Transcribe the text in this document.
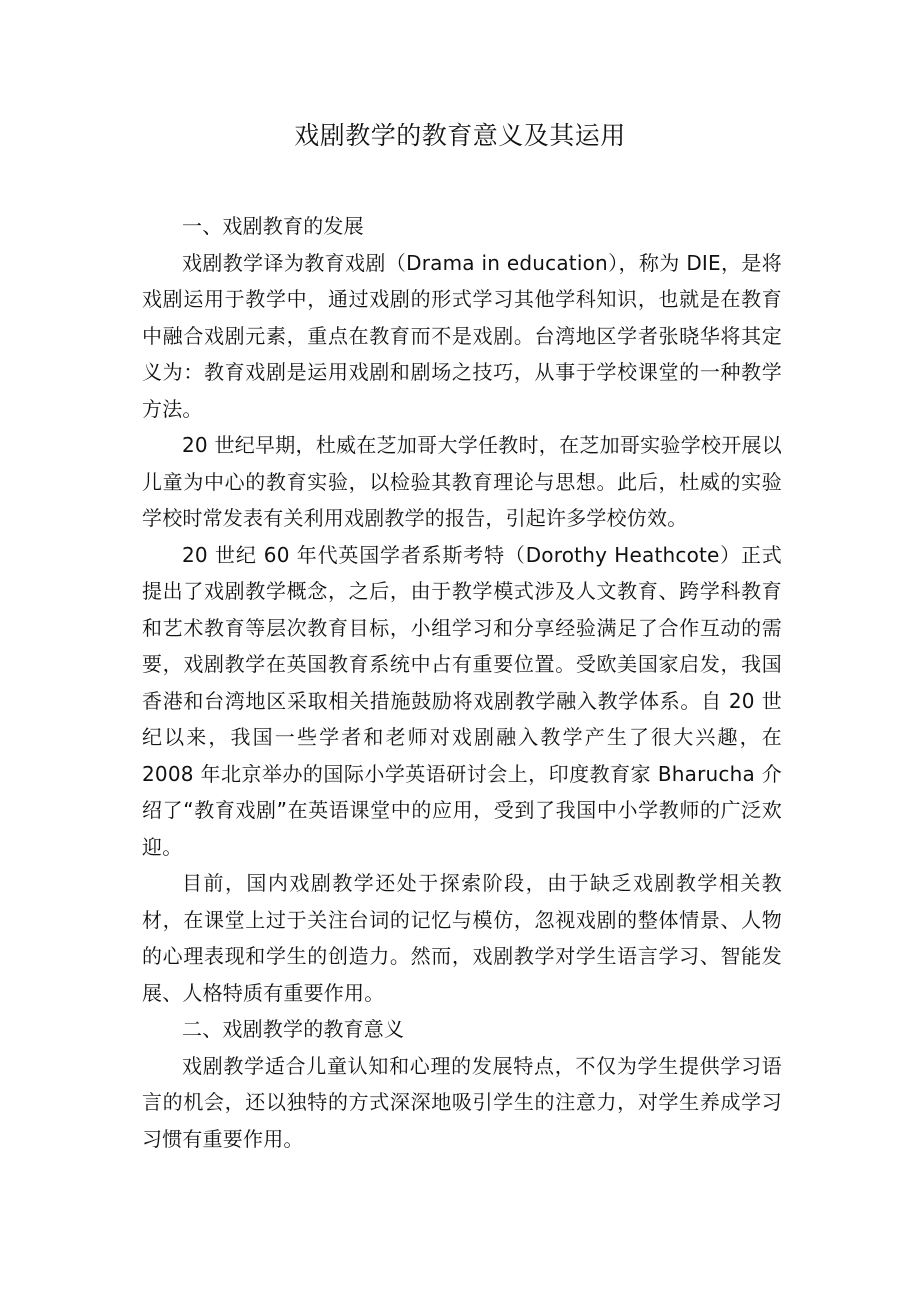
戏剧教学的教育意义及其运用

一、戏剧教育的发展

戏剧教学译为教育戏剧（Drama in education），称为 DIE，是将戏剧运用于教学中，通过戏剧的形式学习其他学科知识，也就是在教育中融合戏剧元素，重点在教育而不是戏剧。台湾地区学者张晓华将其定义为：教育戏剧是运用戏剧和剧场之技巧，从事于学校课堂的一种教学方法。

20 世纪早期，杜威在芝加哥大学任教时，在芝加哥实验学校开展以儿童为中心的教育实验，以检验其教育理论与思想。此后，杜威的实验学校时常发表有关利用戏剧教学的报告，引起许多学校仿效。

20 世纪 60 年代英国学者系斯考特（Dorothy Heathcote）正式提出了戏剧教学概念，之后，由于教学模式涉及人文教育、跨学科教育和艺术教育等层次教育目标，小组学习和分享经验满足了合作互动的需要，戏剧教学在英国教育系统中占有重要位置。受欧美国家启发，我国香港和台湾地区采取相关措施鼓励将戏剧教学融入教学体系。自 20 世纪以来，我国一些学者和老师对戏剧融入教学产生了很大兴趣，在 2008 年北京举办的国际小学英语研讨会上，印度教育家 Bharucha 介绍了“教育戏剧”在英语课堂中的应用，受到了我国中小学教师的广泛欢迎。

目前，国内戏剧教学还处于探索阶段，由于缺乏戏剧教学相关教材，在课堂上过于关注台词的记忆与模仿，忽视戏剧的整体情景、人物的心理表现和学生的创造力。然而，戏剧教学对学生语言学习、智能发展、人格特质有重要作用。

二、戏剧教学的教育意义

戏剧教学适合儿童认知和心理的发展特点，不仅为学生提供学习语言的机会，还以独特的方式深深地吸引学生的注意力，对学生养成学习习惯有重要作用。
